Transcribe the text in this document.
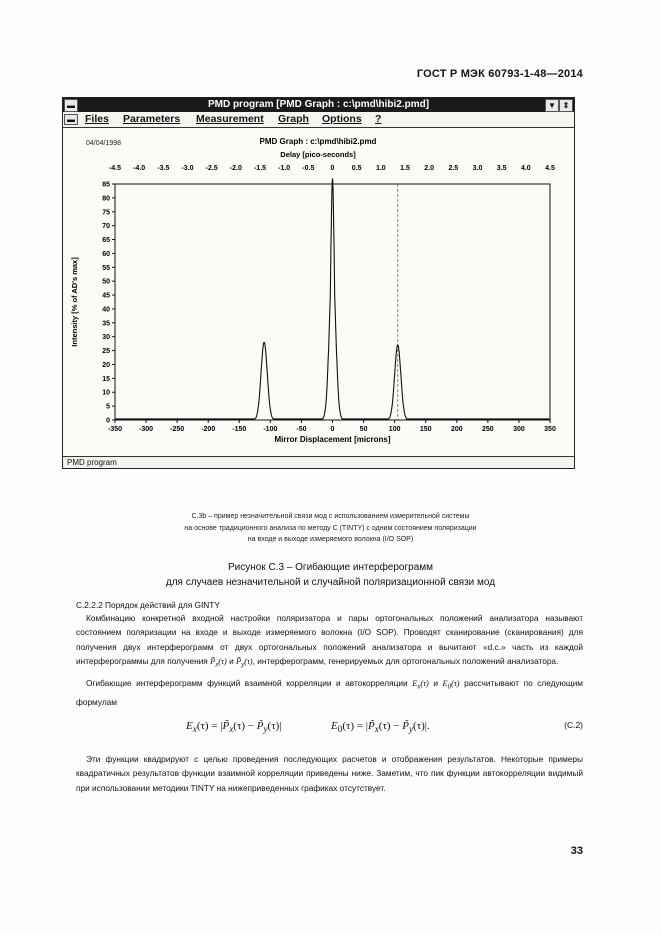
ГОСТ Р МЭК 60793-1-48—2014
▬	PMD program [PMD Graph : c:\pmd\hibi2.pmd]	▼ ⇕
▬ Files Parameters Measurement Graph Options ?
04/04/1998	PMD Graph : c:\pmd\hibi2.pmd
Delay [pico-seconds]
-4.5 -4.0 -3.5 -3.0 -2.5 -2.0 -1.5 -1.0 -0.5 0 0.5 1.0 1.5 2.0 2.5 3.0 3.5 4.0 4.5
0
5
10
15
20
25
30
35
40
45
50
55
60
65
70
75
80
85
-350 -300 -250 -200 -150 -100	-50	0	50	100	150	200	250	300	350
Mirror Displacement [microns]
Intensity [% of AD's max]
PMD program
C.3b – пример незначительной связи мод с использованием измерительной системы
на основе традиционного анализа по методу С (TINTY) с одним состоянием поляризации
на входе и выходе измеряемого волокна (I/O SOP)
Рисунок С.3 – Огибающие интерферограмм
для случаев незначительной и случайной поляризационной связи мод
С.2.2.2 Порядок действий для GINTY
Комбинацию конкретной входной настройки поляризатора и пары ортогональных положений анализатора называют состоянием поляризации на входе и выходе измеряемого волокна (I/O SOP). Проводят сканирование (сканирования) для получения двух интерферограмм от двух ортогональных положений анализатора и вычитают «d.c.» часть из каждой интерферограммы для получения $P̃_x(\tau)$ и $P̃_y(\tau)$, интерферограмм, генерируемых для ортогональных положений анализатора.
Огибающие интерферограмм функций взаимной корреляции и автокорреляции $E_x(\tau)$ и $E_0(\tau)$ рассчитывают по следующим формулам
$E_x(\tau)$ = $|P̃_x(\tau)$ − $P̃_y(\tau)|$	$E_0(\tau)$ = $|P̃_x(\tau)$ − $P̃_y(\tau)|$.	(С.2)
Эти функции квадрируют с целью проведения последующих расчетов и отображения результатов. Некоторые примеры квадратичных результатов функции взаимной корреляции приведены ниже. Заметим, что пик функции автокорреляции видимый при использовании методики TINTY на нижеприведенных графиках отсутствует.
33
